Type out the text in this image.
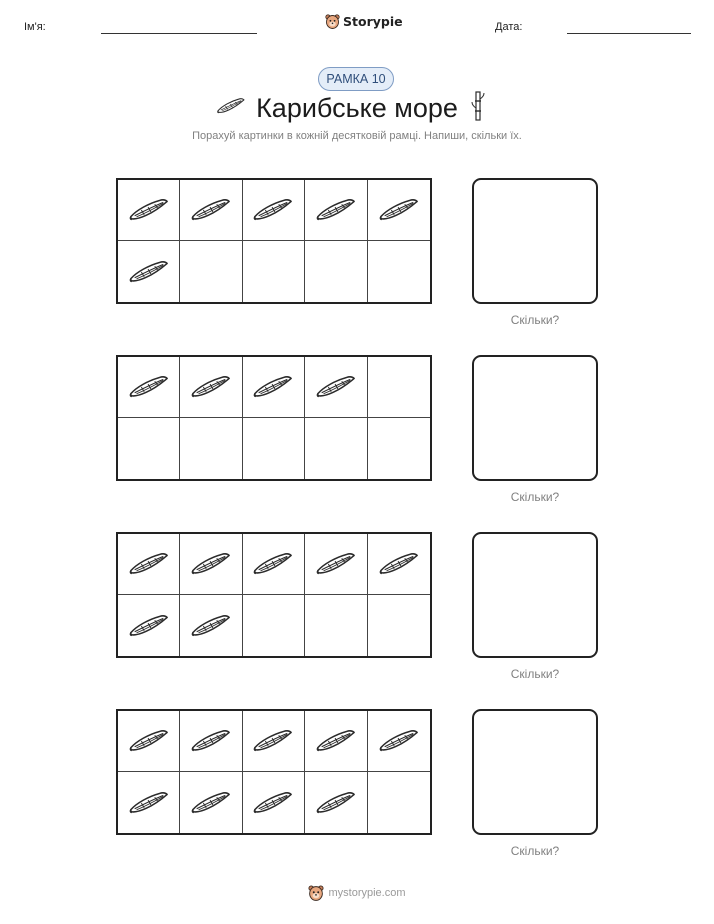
Ім'я:	Storypie	Дата:
РАМКА 10
Карибське море
Порахуй картинки в кожній десятковій рамці. Напиши, скільки їх.
Скільки?
Скільки?
Скільки?
Скільки?
mystorypie.com
